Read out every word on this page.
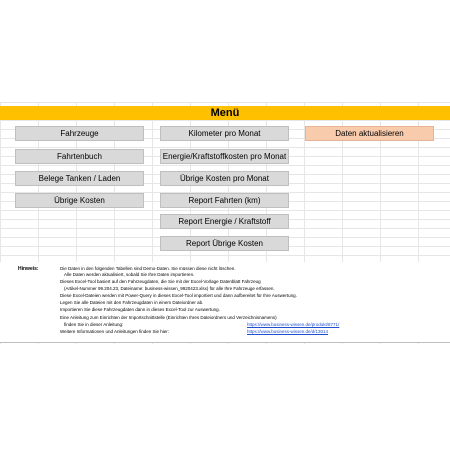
Menü
Fahrzeuge
Fahrtenbuch
Belege Tanken / Laden
Übrige Kosten
Kilometer pro Monat
Energie/Kraftstoffkosten pro Monat
Übrige Kosten pro Monat
Report Fahrten (km)
Report Energie / Kraftstoff
Report Übrige Kosten
Daten aktualisieren
Hinweis:	Die Daten in den folgenden Tabellen sind Demo-Daten. Sie müssen diese nicht löschen.
Alle Daten werden aktualisiert, sobald Sie Ihre Daten importieren.
Dieses Excel-Tool basiert auf den Fahrzeugdaten, die Sie mit der Excel-Vorlage Datenblatt Fahrzeug
(Artikel-Nummer 99.204.23, Dateiname: business-wissen_9920423.xlsx) für alle Ihre Fahrzeuge erfassen.
Diese Excel-Dateien werden mit Power-Query in dieses Excel-Tool importiert und dann aufbereitet für Ihre Auswertung.
Legen Sie alle Dateien mit den Fahrzeugdaten in einem Dateiordner ab.
Importieren Sie diese Fahrzeugdaten dann in dieses Excel-Tool zur Auswertung.
Eine Anleitung zum Einrichten der Importschnittstelle (Einrichten Ihres Dateiordners und Verzeichnisnamens)
finden Sie in dieser Anleitung:	https://www.business-wissen.de/produkt/8771/
Weitere Informationen und Anleitungen finden Sie hier:	https://www.business-wissen.de/d/13014
